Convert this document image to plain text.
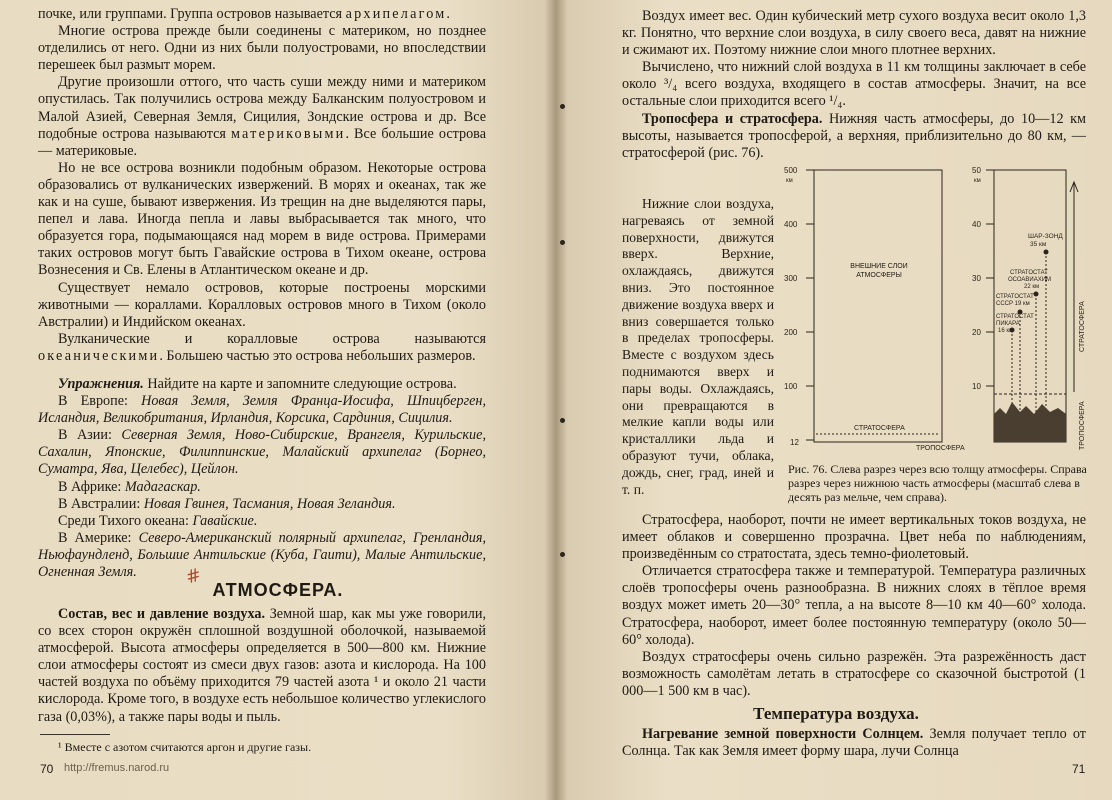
почке, или группами. Группа островов называется архипелагом.

Многие острова прежде были соединены с материком, но позднее отделились от него. Одни из них были полуостровами, но впоследствии перешеек был размыт морем.

Другие произошли оттого, что часть суши между ними и материком опустилась. Так получились острова между Балканским полуостровом и Малой Азией, Северная Земля, Сицилия, Зондские острова и др. Все подобные острова называются материковыми. Все большие острова — материковые.

Но не все острова возникли подобным образом. Некоторые острова образовались от вулканических извержений. В морях и океанах, так же как и на суше, бывают извержения. Из трещин на дне выделяются пары, пепел и лава. Иногда пепла и лавы выбрасывается так много, что образуется гора, подымающаяся над морем в виде острова. Примерами таких островов могут быть Гавайские острова в Тихом океане, острова Вознесения и Св. Елены в Атлантическом океане и др.

Существует немало островов, которые построены морскими животными — кораллами. Коралловых островов много в Тихом (около Австралии) и Индийском океанах.

Вулканические и коралловые острова называются океаническими. Большею частью это острова небольших размеров.

Упражнения. Найдите на карте и запомните следующие острова.

В Европе: Новая Земля, Земля Франца-Иосифа, Шпицберген, Исландия, Великобритания, Ирландия, Корсика, Сардиния, Сицилия.

В Азии: Северная Земля, Ново-Сибирские, Врангеля, Курильские, Сахалин, Японские, Филиппинские, Малайский архипелаг (Борнео, Суматра, Ява, Целебес), Цейлон.

В Африке: Мадагаскар.

В Австралии: Новая Гвинея, Тасмания, Новая Зеландия.

Среди Тихого океана: Гавайские.

В Америке: Северо-Американский полярный архипелаг, Гренландия, Ньюфаундленд, Большие Антильские (Куба, Гаити), Малые Антильские, Огненная Земля.	#
АТМОСФЕРА.

Состав, вес и давление воздуха. Земной шар, как мы уже говорили, со всех сторон окружён сплошной воздушной оболочкой, называемой атмосферой. Высота атмосферы определяется в 500—800 км. Нижние слои атмосферы состоят из смеси двух газов: азота и кислорода. На 100 частей воздуха по объёму приходится 79 частей азота ¹ и около 21 части кислорода. Кроме того, в воздухе есть небольшое количество углекислого газа (0,03%), а также пары воды и пыль.

¹ Вместе с азотом считаются аргон и другие газы.
70 http://fremus.narod.ru

Воздух имеет вес. Один кубический метр сухого воздуха весит около 1,3 кг. Понятно, что верхние слои воздуха, в силу своего веса, давят на нижние и сжимают их. Поэтому нижние слои много плотнее верхних.

Вычислено, что нижний слой воздуха в 11 км толщины заключает в себе около ³/₄ всего воздуха, входящего в состав атмосферы. Значит, на все остальные слои приходится всего ¹/₄.

Тропосфера и стратосфера. Нижняя часть атмосферы, до 10—12 км высоты, называется тропосферой, а верхняя, приблизительно до 80 км, — стратосферой (рис. 76).

Нижние слои воздуха, нагреваясь от земной поверхности, движутся вверх. Верхние, охлаждаясь, движутся вниз. Это постоянное движение воздуха вверх и вниз совершается только в пределах тропосферы. Вместе с воздухом здесь поднимаются вверх и пары воды. Охлаждаясь, они превращаются в мелкие капли воды или кристаллики льда и образуют тучи, облака, дождь, снег, град, иней и т. п.

500
км
400
300
200
100
12
ВНЕШНИЕ СЛОИ АТМОСФЕРЫ
СТРАТОСФЕРА
ТРОПОСФЕРА
50
км
40
30
20
10
ШАР-ЗОНД
35 км
СТРАТОСТАТ
ОСОАВИАХИМ
22 км
СТРАТОСТАТ
СССР 19 км
СТРАТОСТАТ
ПИКАРА
16 км	СТРАТОСФЕРА
ТРОПОСФЕРА
Рис. 76. Слева разрез через всю толщу атмосферы. Справа разрез через нижнюю часть атмосферы (масштаб слева в десять раз мельче, чем справа).

Стратосфера, наоборот, почти не имеет вертикальных токов воздуха, не имеет облаков и совершенно прозрачна. Цвет неба по наблюдениям, произведённым со стратостата, здесь темно-фиолетовый.

Отличается стратосфера также и температурой. Температура различных слоёв тропосферы очень разнообразна. В нижних слоях в тёплое время воздух может иметь 20—30° тепла, а на высоте 8—10 км 40—60° холода. Стратосфера, наоборот, имеет более постоянную температуру (около 50—60° холода).

Воздух стратосферы очень сильно разрежён. Эта разрежённость даст возможность самолётам летать в стратосфере со сказочной быстротой (1 000—1 500 км в час).

Температура воздуха.

Нагревание земной поверхности Солнцем. Земля получает тепло от Солнца. Так как Земля имеет форму шара, лучи Солнца

71
